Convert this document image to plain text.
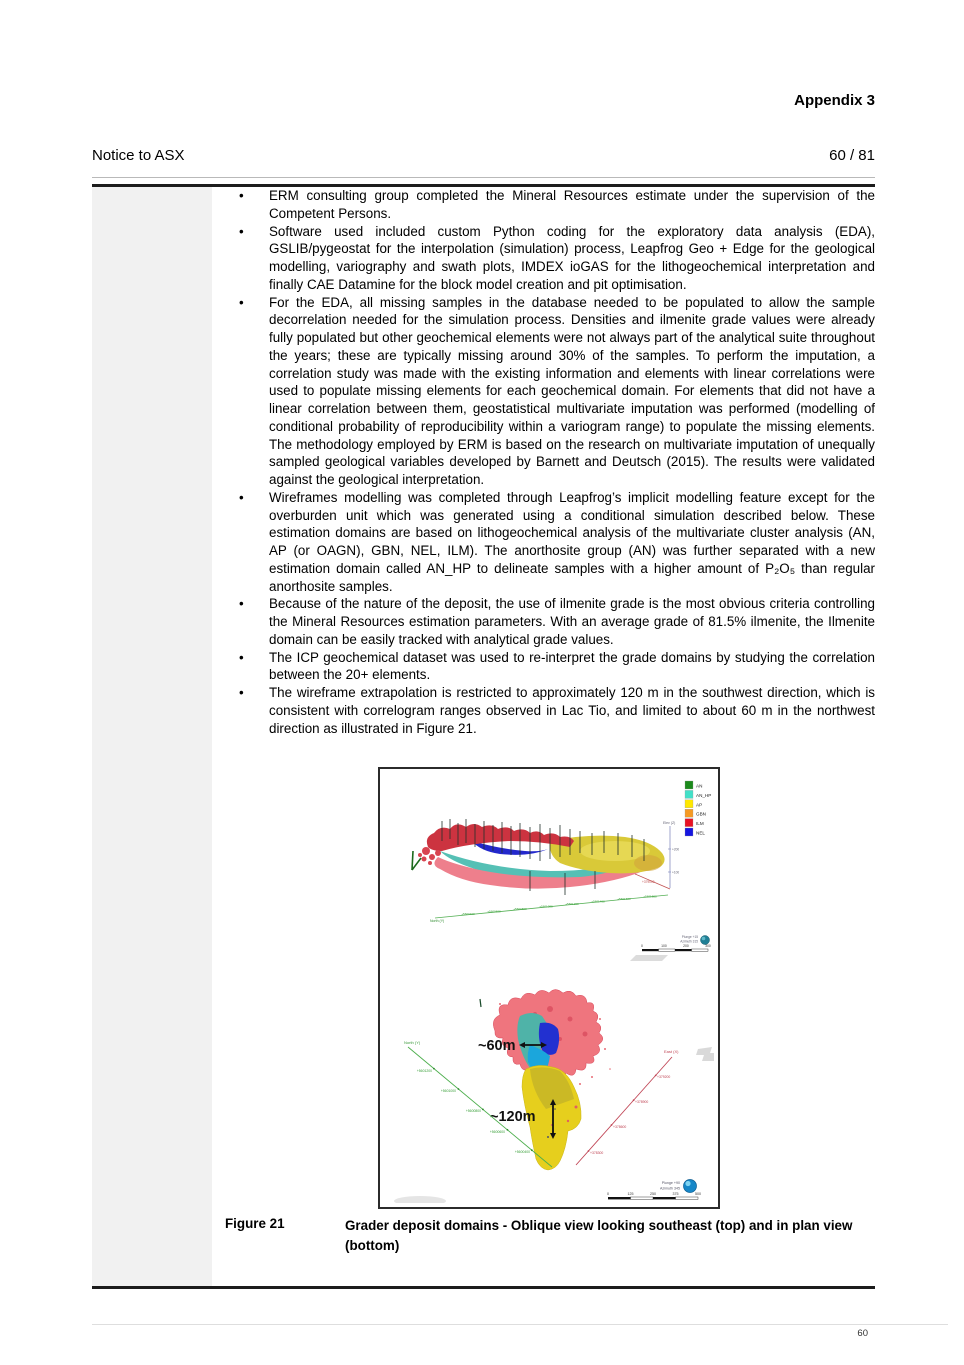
Appendix 3
Notice to ASX	60 / 81
•	ERM consulting group completed the Mineral Resources estimate under the supervision of the Competent Persons.
•	Software used included custom Python coding for the exploratory data analysis (EDA), GSLIB/pygeostat for the interpolation (simulation) process, Leapfrog Geo + Edge for the geological modelling, variography and swath plots, IMDEX ioGAS for the lithogeochemical interpretation and finally CAE Datamine for the block model creation and pit optimisation.
•	For the EDA, all missing samples in the database needed to be populated to allow the sample decorrelation needed for the simulation process. Densities and ilmenite grade values were already fully populated but other geochemical elements were not always part of the analytical suite throughout the years; these are typically missing around 30% of the samples. To perform the imputation, a correlation study was made with the existing information and elements with linear correlations were used to populate missing elements for each geochemical domain. For elements that did not have a linear correlation between them, geostatistical multivariate imputation was performed (modelling of conditional probability of reproducibility within a variogram range) to populate the missing elements. The methodology employed by ERM is based on the research on multivariate imputation of unequally sampled geological variables developed by Barnett and Deutsch (2015). The results were validated against the geological interpretation.
•	Wireframes modelling was completed through Leapfrog’s implicit modelling feature except for the overburden unit which was generated using a conditional simulation described below. These estimation domains are based on lithogeochemical analysis of the multivariate cluster analysis (AN, AP (or OAGN), GBN, NEL, ILM). The anorthosite group (AN) was further separated with a new estimation domain called AN_HP to delineate samples with a higher amount of P₂O₅ than regular anorthosite samples.
•	Because of the nature of the deposit, the use of ilmenite grade is the most obvious criteria controlling the Mineral Resources estimation parameters. With an average grade of 81.5% ilmenite, the Ilmenite domain can be easily tracked with analytical grade values.
•	The ICP geochemical dataset was used to re-interpret the grade domains by studying the correlation between the 20+ elements.
•	The wireframe extrapolation is restricted to approximately 120 m in the southwest direction, which is consistent with correlogram ranges observed in Lac Tio, and limited to about 60 m in the northwest direction as illustrated in Figure 21.
Elev (Z)
+200
+100
+379000
North (Y)
+5600400
+5600600
+5600800
+5601000
+5601200
+5601400
+5601600
+5601800
Plunge +15
Azimuth 315
0	100	200	300
~60m
~120m
North (Y)
+5601200
+5601000
+5600800
+5600600
+5600400
East (X)
+378300
+378600
+378900
+379200
Plunge +90
Azimuth 345
0	125	250	375	500
AN
AN_HP
AP
GBN
ILM
NEL
Figure 21	Grader deposit domains - Oblique view looking southeast (top) and in plan view (bottom)
60
